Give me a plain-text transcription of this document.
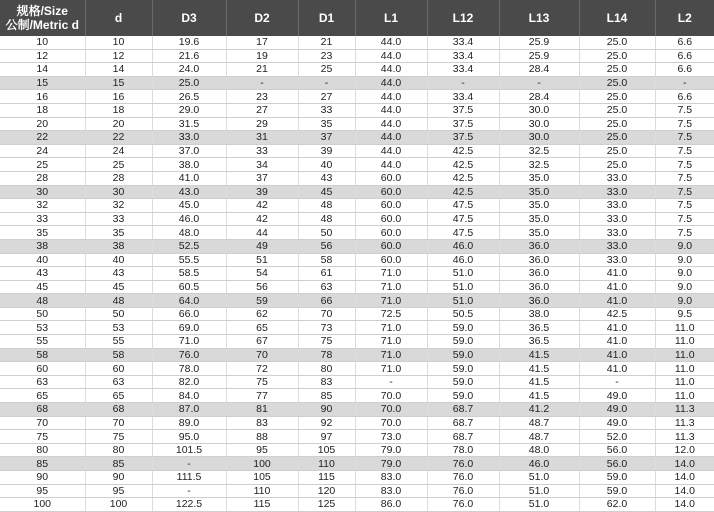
规格/Size
公制/Metric d	d	D3	D2	D1	L1	L12	L13	L14	L2
10	10	19.6	17	21	44.0	33.4	25.9	25.0	6.6
12	12	21.6	19	23	44.0	33.4	25.9	25.0	6.6
14	14	24.0	21	25	44.0	33.4	28.4	25.0	6.6
15	15	25.0	-	-	44.0	-	-	25.0	-
16	16	26.5	23	27	44.0	33.4	28.4	25.0	6.6
18	18	29.0	27	33	44.0	37.5	30.0	25.0	7.5
20	20	31.5	29	35	44.0	37.5	30.0	25.0	7.5
22	22	33.0	31	37	44.0	37.5	30.0	25.0	7.5
24	24	37.0	33	39	44.0	42.5	32.5	25.0	7.5
25	25	38.0	34	40	44.0	42.5	32.5	25.0	7.5
28	28	41.0	37	43	60.0	42.5	35.0	33.0	7.5
30	30	43.0	39	45	60.0	42.5	35.0	33.0	7.5
32	32	45.0	42	48	60.0	47.5	35.0	33.0	7.5
33	33	46.0	42	48	60.0	47.5	35.0	33.0	7.5
35	35	48.0	44	50	60.0	47.5	35.0	33.0	7.5
38	38	52.5	49	56	60.0	46.0	36.0	33.0	9.0
40	40	55.5	51	58	60.0	46.0	36.0	33.0	9.0
43	43	58.5	54	61	71.0	51.0	36.0	41.0	9.0
45	45	60.5	56	63	71.0	51.0	36.0	41.0	9.0
48	48	64.0	59	66	71.0	51.0	36.0	41.0	9.0
50	50	66.0	62	70	72.5	50.5	38.0	42.5	9.5
53	53	69.0	65	73	71.0	59.0	36.5	41.0	11.0
55	55	71.0	67	75	71.0	59.0	36.5	41.0	11.0
58	58	76.0	70	78	71.0	59.0	41.5	41.0	11.0
60	60	78.0	72	80	71.0	59.0	41.5	41.0	11.0
63	63	82.0	75	83	-	59.0	41.5	-	11.0
65	65	84.0	77	85	70.0	59.0	41.5	49.0	11.0
68	68	87.0	81	90	70.0	68.7	41.2	49.0	11.3
70	70	89.0	83	92	70.0	68.7	48.7	49.0	11.3
75	75	95.0	88	97	73.0	68.7	48.7	52.0	11.3
80	80	101.5	95	105	79.0	78.0	48.0	56.0	12.0
85	85	-	100	110	79.0	76.0	46.0	56.0	14.0
90	90	111.5	105	115	83.0	76.0	51.0	59.0	14.0
95	95	-	110	120	83.0	76.0	51.0	59.0	14.0
100	100	122.5	115	125	86.0	76.0	51.0	62.0	14.0
